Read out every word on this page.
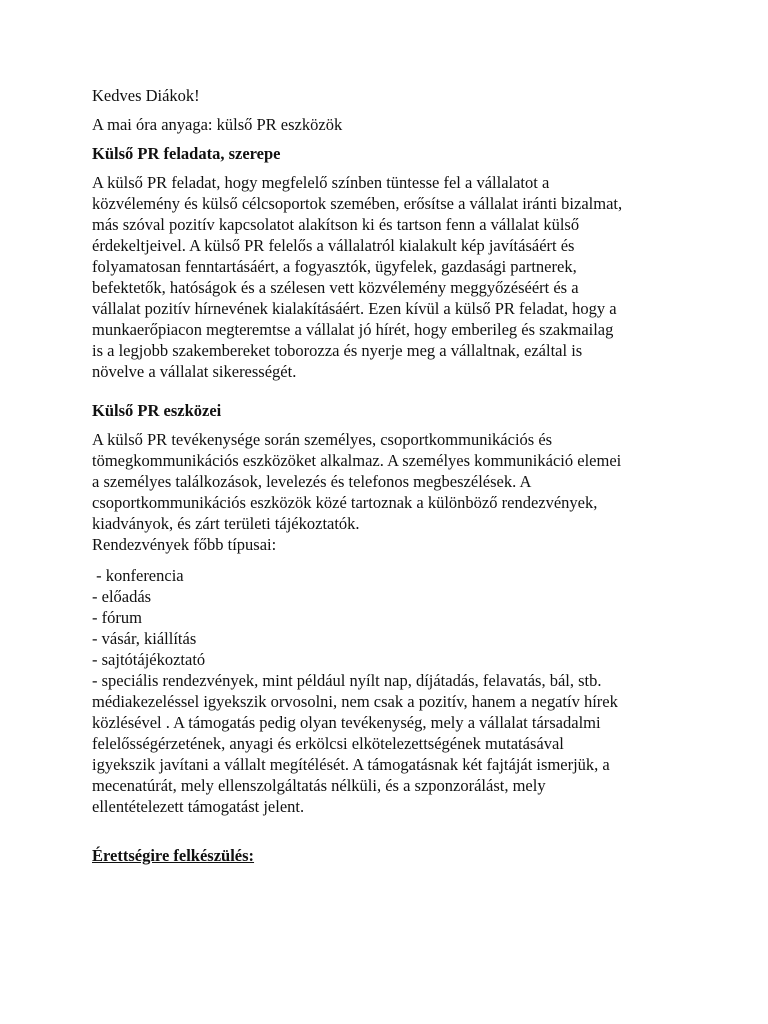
Kedves Diákok!
A mai óra anyaga: külső PR eszközök
Külső PR feladata, szerepe
A külső PR feladat, hogy megfelelő színben tüntesse fel a vállalatot a
közvélemény és külső célcsoportok szemében, erősítse a vállalat iránti bizalmat,
más szóval pozitív kapcsolatot alakítson ki és tartson fenn a vállalat külső
érdekeltjeivel. A külső PR felelős a vállalatról kialakult kép javításáért és
folyamatosan fenntartásáért, a fogyasztók, ügyfelek, gazdasági partnerek,
befektetők, hatóságok és a szélesen vett közvélemény meggyőzéséért és a
vállalat pozitív hírnevének kialakításáért. Ezen kívül a külső PR feladat, hogy a
munkaerőpiacon megteremtse a vállalat jó hírét, hogy emberileg és szakmailag
is a legjobb szakembereket toborozza és nyerje meg a vállaltnak, ezáltal is
növelve a vállalat sikerességét.
Külső PR eszközei
A külső PR tevékenysége során személyes, csoportkommunikációs és
tömegkommunikációs eszközöket alkalmaz. A személyes kommunikáció elemei
a személyes találkozások, levelezés és telefonos megbeszélések. A
csoportkommunikációs eszközök közé tartoznak a különböző rendezvények,
kiadványok, és zárt területi tájékoztatók.
Rendezvények főbb típusai:
- konferencia
- előadás
- fórum
- vásár, kiállítás
- sajtótájékoztató
- speciális rendezvények, mint például nyílt nap, díjátadás, felavatás, bál, stb.
médiakezeléssel igyekszik orvosolni, nem csak a pozitív, hanem a negatív hírek
közlésével . A támogatás pedig olyan tevékenység, mely a vállalat társadalmi
felelősségérzetének, anyagi és erkölcsi elkötelezettségének mutatásával
igyekszik javítani a vállalt megítélését. A támogatásnak két fajtáját ismerjük, a
mecenatúrát, mely ellenszolgáltatás nélküli, és a szponzorálást, mely
ellentételezett támogatást jelent.
Érettségire felkészülés:
